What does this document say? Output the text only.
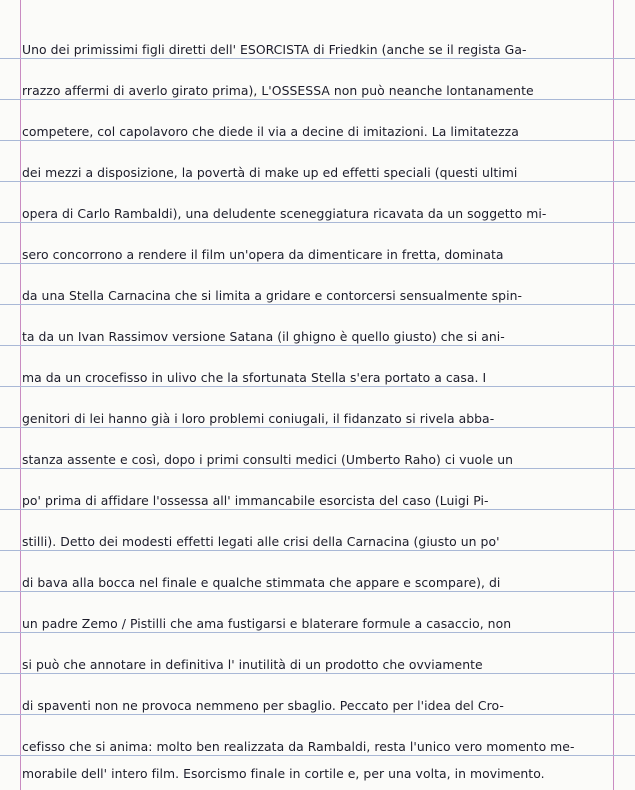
Uno dei primissimi figli diretti dell' ESORCISTA di Friedkin (anche se il regista Ga-
rrazzo affermi di averlo girato prima), L'OSSESSA non può neanche lontanamente
competere, col capolavoro che diede il via a decine di imitazioni. La limitatezza
dei mezzi a disposizione, la povertà di make up ed effetti speciali (questi ultimi
opera di Carlo Rambaldi), una deludente sceneggiatura ricavata da un soggetto mi-
sero concorrono a rendere il film un'opera da dimenticare in fretta, dominata
da una Stella Carnacina che si limita a gridare e contorcersi sensualmente spin-
ta da un Ivan Rassimov versione Satana (il ghigno è quello giusto) che si ani-
ma da un crocefisso in ulivo che la sfortunata Stella s'era portato a casa. I
genitori di lei hanno già i loro problemi coniugali, il fidanzato si rivela abba-
stanza assente e così, dopo i primi consulti medici (Umberto Raho) ci vuole un
po' prima di affidare l'ossessa all' immancabile esorcista del caso (Luigi Pi-
stilli). Detto dei modesti effetti legati alle crisi della Carnacina (giusto un po'
di bava alla bocca nel finale e qualche stimmata che appare e scompare), di
un padre Zemo / Pistilli che ama fustigarsi e blaterare formule a casaccio, non
si può che annotare in definitiva l' inutilità di un prodotto che ovviamente
di spaventi non ne provoca nemmeno per sbaglio. Peccato per l'idea del Cro-
cefisso che si anima: molto ben realizzata da Rambaldi, resta l'unico vero momento me-
morabile dell' intero film. Esorcismo finale in cortile e, per una volta, in movimento.
